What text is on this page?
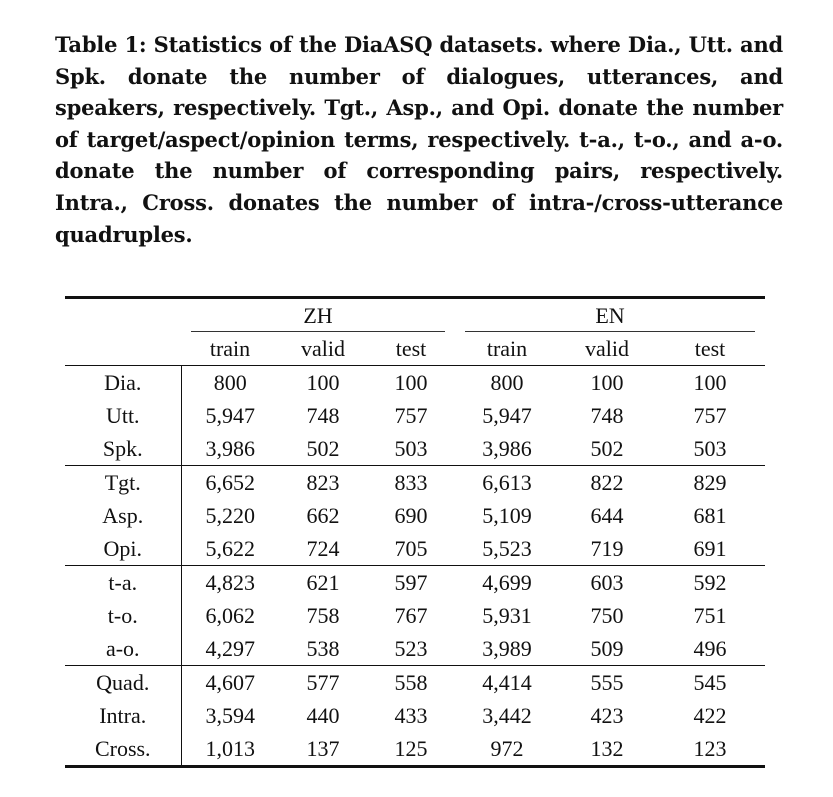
Table 1: Statistics of the DiaASQ datasets. where Dia., Utt. and Spk. donate the number of dialogues, utterances, and speakers, respectively. Tgt., Asp., and Opi. donate the number of target/aspect/opinion terms, respectively. t-a., t-o., and a-o. donate the number of corresponding pairs, respectively. Intra., Cross. donates the number of intra-/cross-utterance quadruples.

	ZH			EN		
	train	valid	test	train	valid	test
Dia.	800	100	100	800	100	100
Utt.	5,947	748	757	5,947	748	757
Spk.	3,986	502	503	3,986	502	503
Tgt.	6,652	823	833	6,613	822	829
Asp.	5,220	662	690	5,109	644	681
Opi.	5,622	724	705	5,523	719	691
t-a.	4,823	621	597	4,699	603	592
t-o.	6,062	758	767	5,931	750	751
a-o.	4,297	538	523	3,989	509	496
Quad.	4,607	577	558	4,414	555	545
Intra.	3,594	440	433	3,442	423	422
Cross.	1,013	137	125	972	132	123
